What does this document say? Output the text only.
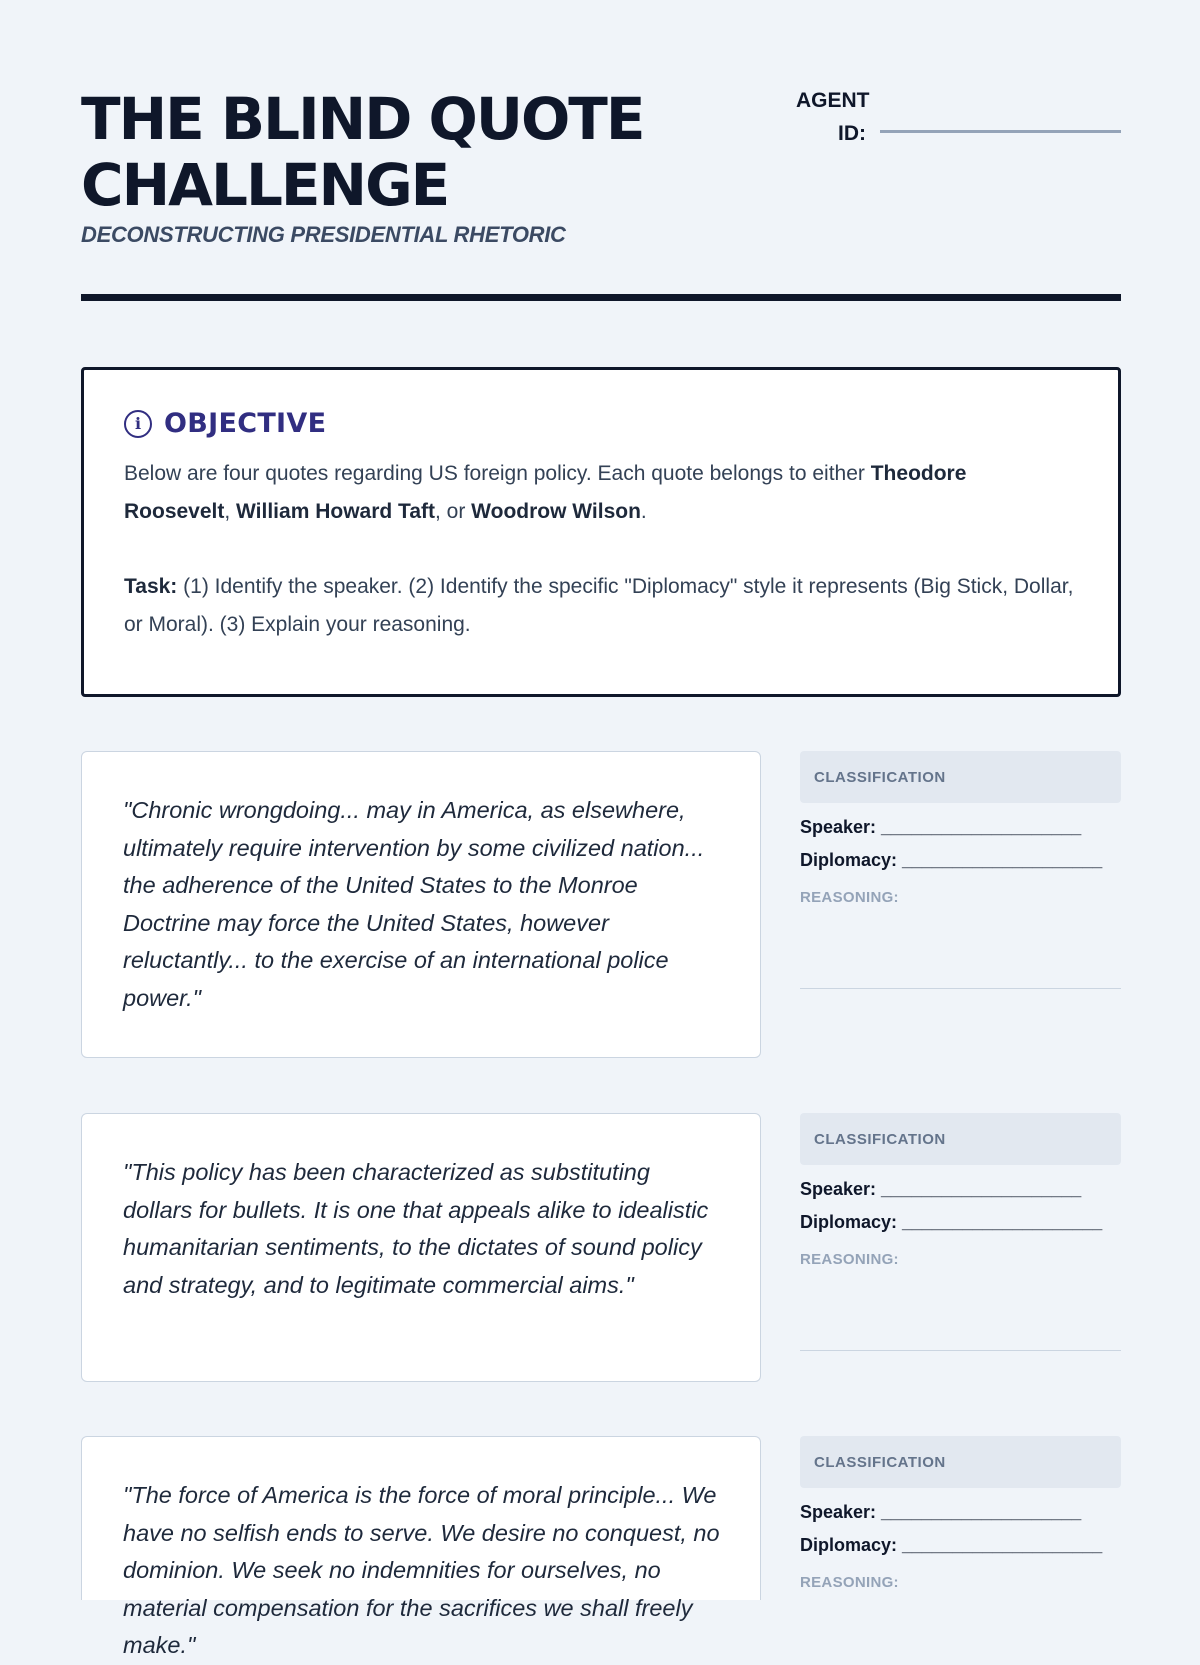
THE BLIND QUOTE CHALLENGE

DECONSTRUCTING PRESIDENTIAL RHETORIC

AGENT ID:
i OBJECTIVE

Below are four quotes regarding US foreign policy. Each quote belongs to either Theodore Roosevelt, William Howard Taft, or Woodrow Wilson.

Task: (1) Identify the speaker. (2) Identify the specific "Diplomacy" style it represents (Big Stick, Dollar, or Moral). (3) Explain your reasoning.

"Chronic wrongdoing... may in America, as elsewhere, ultimately require intervention by some civilized nation... the adherence of the United States to the Monroe Doctrine may force the United States, however reluctantly... to the exercise of an international police power."

CLASSIFICATION
Speaker: ____________________
Diplomacy: ____________________
REASONING:

"This policy has been characterized as substituting dollars for bullets. It is one that appeals alike to idealistic humanitarian sentiments, to the dictates of sound policy and strategy, and to legitimate commercial aims."

CLASSIFICATION
Speaker: ____________________
Diplomacy: ____________________
REASONING:

"The force of America is the force of moral principle... We have no selfish ends to serve. We desire no conquest, no dominion. We seek no indemnities for ourselves, no material compensation for the sacrifices we shall freely make."

CLASSIFICATION
Speaker: ____________________
Diplomacy: ____________________
REASONING:
